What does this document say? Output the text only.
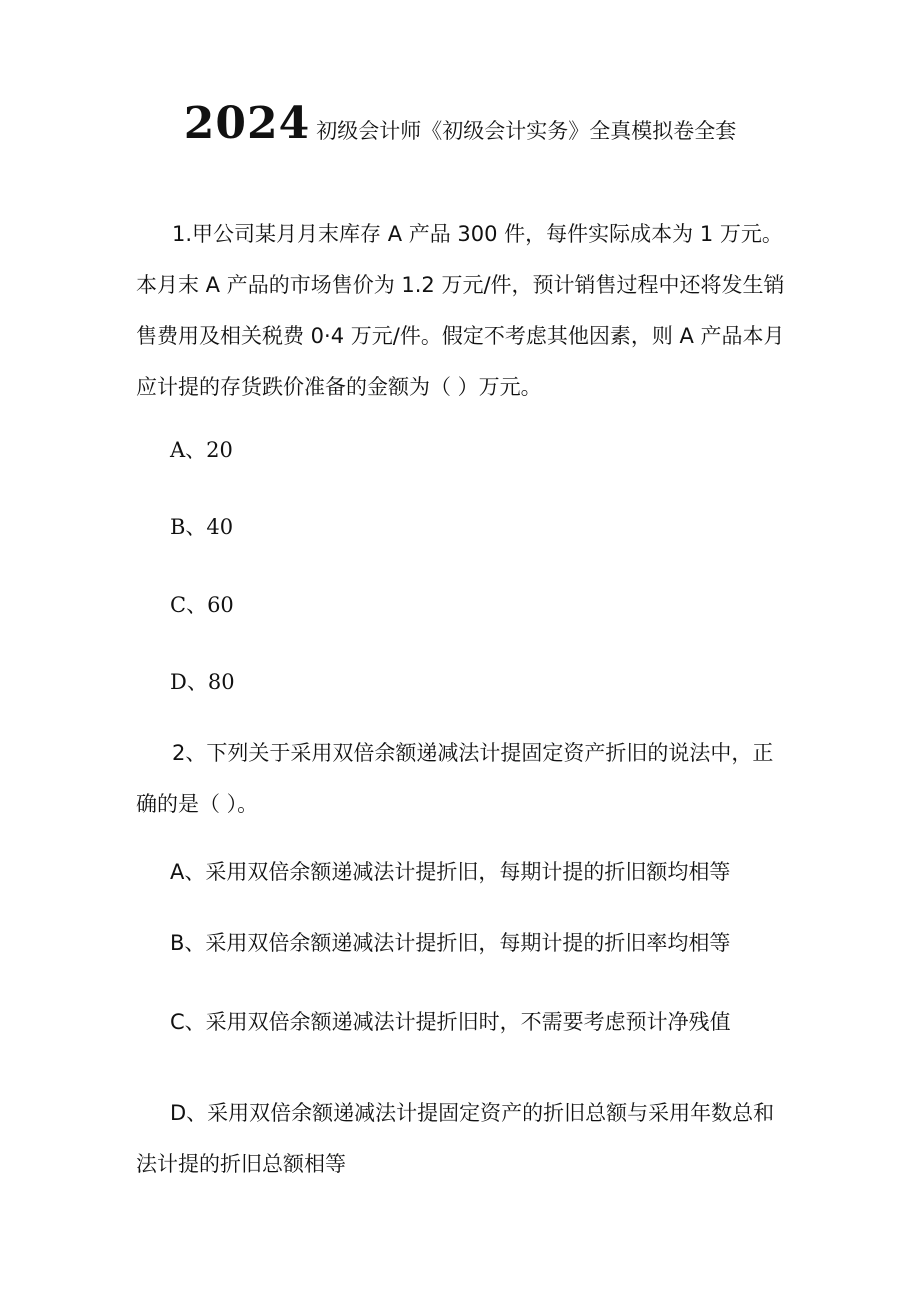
2024 初级会计师《初级会计实务》全真模拟卷全套

1.甲公司某月月末库存 A 产品 300 件，每件实际成本为 1 万元。本月末 A 产品的市场售价为 1.2 万元/件，预计销售过程中还将发生销售费用及相关税费 0·4 万元/件。假定不考虑其他因素，则 A 产品本月应计提的存货跌价准备的金额为（ ）万元。

A、20

B、40

C、60

D、80

2、下列关于采用双倍余额递减法计提固定资产折旧的说法中，正确的是（ ）。

A、采用双倍余额递减法计提折旧，每期计提的折旧额均相等

B、采用双倍余额递减法计提折旧，每期计提的折旧率均相等

C、采用双倍余额递减法计提折旧时，不需要考虑预计净残值

D、采用双倍余额递减法计提固定资产的折旧总额与采用年数总和法计提的折旧总额相等
